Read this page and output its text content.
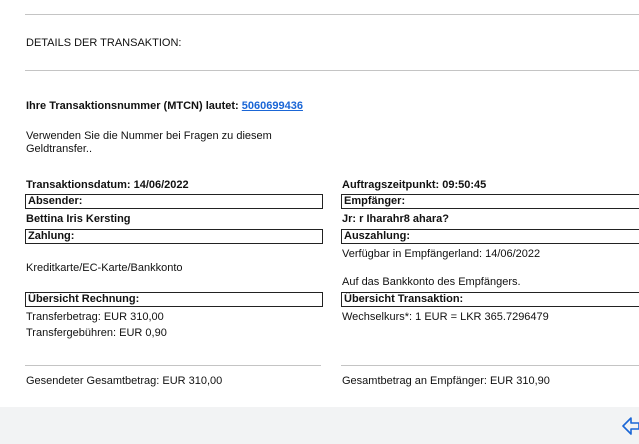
DETAILS DER TRANSAKTION:
Ihre Transaktionsnummer (MTCN) lautet: 5060699436
Verwenden Sie die Nummer bei Fragen zu diesem
Geldtransfer..
Transaktionsdatum: 14/06/2022
Absender:
Bettina Iris Kersting
Zahlung:
Kreditkarte/EC-Karte/Bankkonto
Übersicht Rechnung:
Transferbetrag: EUR 310,00
Transfergebühren: EUR 0,90
Gesendeter Gesamtbetrag: EUR 310,00
Auftragszeitpunkt: 09:50:45
Empfänger:
Jr: r Iharahr8 ahara?
Auszahlung:
Verfügbar in Empfängerland: 14/06/2022
Auf das Bankkonto des Empfängers.
Übersicht Transaktion:
Wechselkurs*: 1 EUR = LKR 365.7296479
Gesamtbetrag an Empfänger: EUR 310,90
